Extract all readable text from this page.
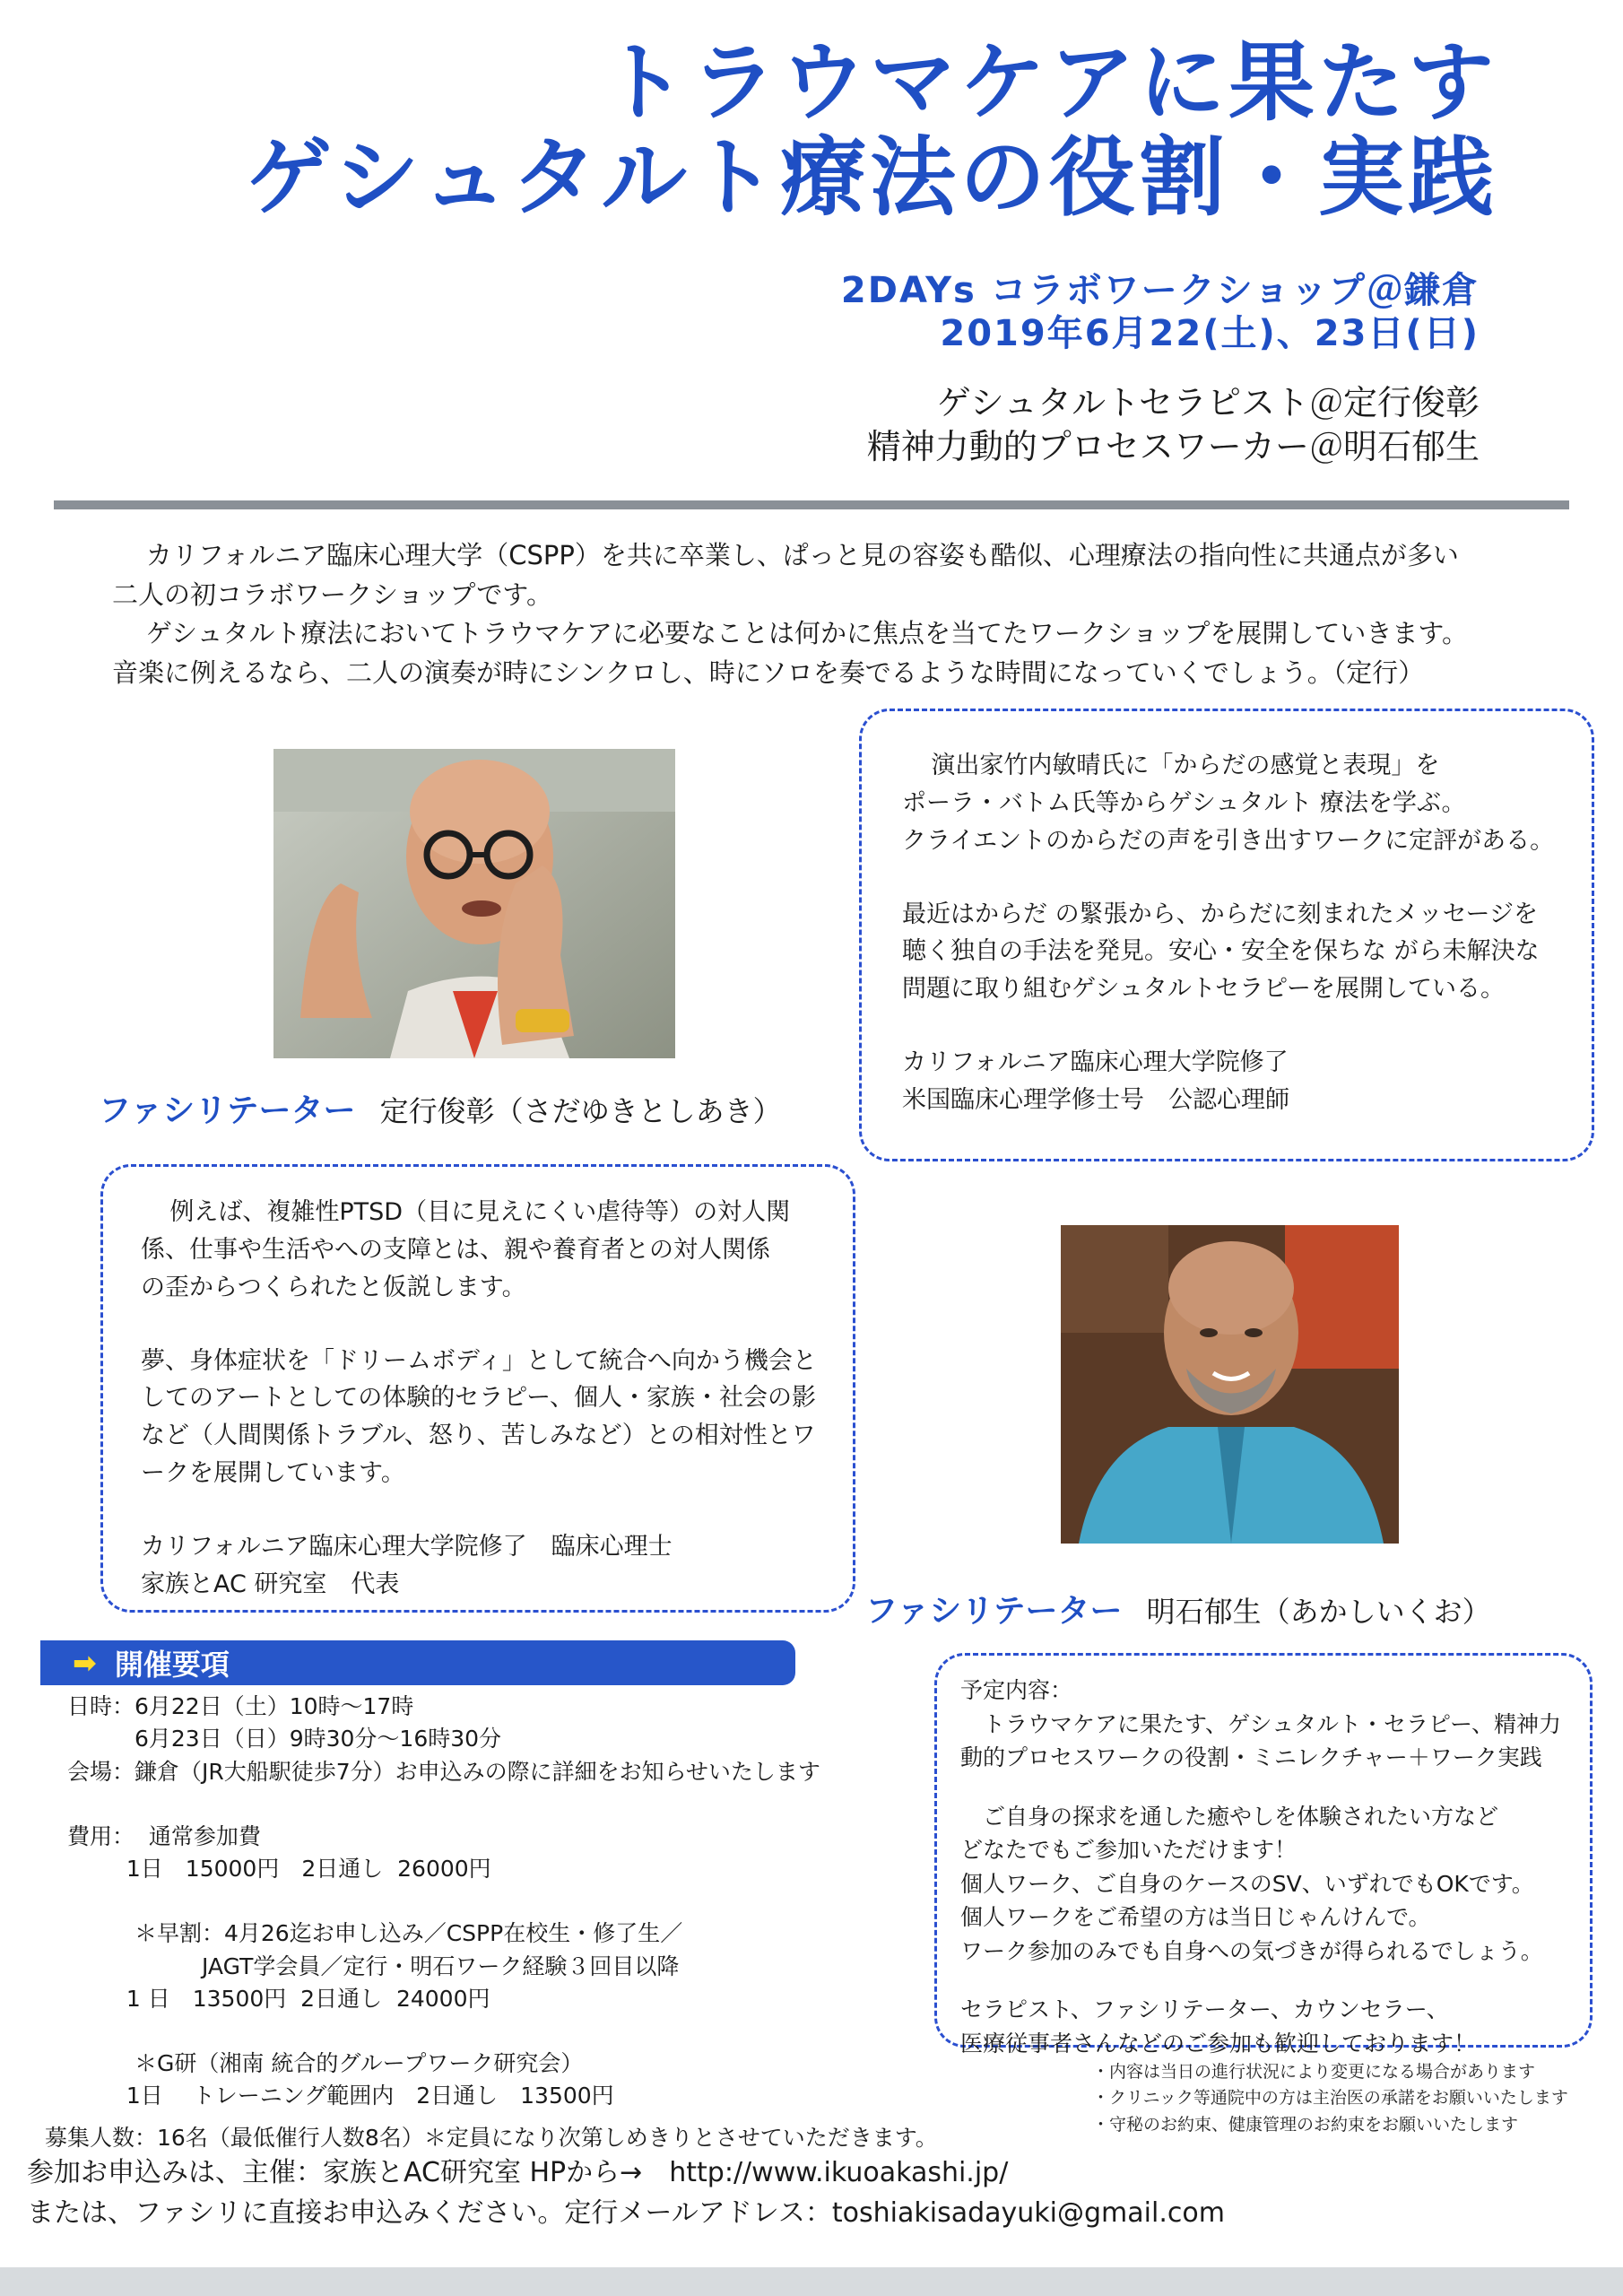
トラウマケアに果たす
ゲシュタルト療法の役割・実践
2DAYs コラボワークショップ＠鎌倉
2019年6月22(土)、23日(日)
ゲシュタルトセラピスト＠定行俊彰
精神力動的プロセスワーカー＠明石郁生

カリフォルニア臨床心理大学（CSPP）を共に卒業し、ぱっと見の容姿も酷似、心理療法の指向性に共通点が多い

二人の初コラボワークショップです。

ゲシュタルト療法においてトラウマケアに必要なことは何かに焦点を当てたワークショップを展開していきます。

音楽に例えるなら、二人の演奏が時にシンクロし、時にソロを奏でるような時間になっていくでしょう。（定行）

ファシリテーター 定行俊彰（さだゆきとしあき）

演出家竹内敏晴氏に「からだの感覚と表現」を

ポーラ・バトム氏等からゲシュタルト 療法を学ぶ。

クライエントのからだの声を引き出すワークに定評がある。

最近はからだ の緊張から、からだに刻まれたメッセージを

聴く独自の手法を発見。安心・安全を保ちな がら未解決な

問題に取り組むゲシュタルトセラピーを展開している。

カリフォルニア臨床心理大学院修了

米国臨床心理学修士号　公認心理師

例えば、複雑性PTSD（目に見えにくい虐待等）の対人関

係、仕事や生活やへの支障とは、親や養育者との対人関係

の歪からつくられたと仮説します。

夢、身体症状を「ドリームボディ」として統合へ向かう機会と

してのアートとしての体験的セラピー、個人・家族・社会の影

など（人間関係トラブル、怒り、苦しみなど）との相対性とワ

ークを展開しています。

カリフォルニア臨床心理大学院修了　臨床心理士

家族とAC 研究室　代表

ファシリテーター 明石郁生（あかしいくお）
➡ 開催要項
日時：6月22日（土）10時〜17時
　　　6月23日（日）9時30分〜16時30分
会場：鎌倉（JR大船駅徒歩7分）お申込みの際に詳細をお知らせいたします
費用：  通常参加費
　　  1日　15000円　2日通し  26000円
　　　＊早割：4月26迄お申し込み／CSPP在校生・修了生／
　　　　　　JAGT学会員／定行・明石ワーク経験３回目以降
　　  1 日　13500円  2日通し  24000円
　　　＊G研（湘南 統合的グループワーク研究会）
　　  1日　 トレーニング範囲内　2日通し　13500円
募集人数：16名（最低催行人数8名）＊定員になり次第しめきりとさせていただきます。

予定内容：

　トラウマケアに果たす、ゲシュタルト・セラピー、精神力

動的プロセスワークの役割・ミニレクチャー＋ワーク実践

　ご自身の探求を通した癒やしを体験されたい方など

どなたでもご参加いただけます！

個人ワーク、ご自身のケースのSV、いずれでもOKです。

個人ワークをご希望の方は当日じゃんけんで。

ワーク参加のみでも自身への気づきが得られるでしょう。

セラピスト、ファシリテーター、カウンセラー、

医療従事者さんなどのご参加も歓迎しております！

・内容は当日の進行状況により変更になる場合があります
・クリニック等通院中の方は主治医の承諾をお願いいたします
・守秘のお約束、健康管理のお約束をお願いいたします
参加お申込みは、主催：家族とAC研究室 HPから→　http://www.ikuoakashi.jp/
または、ファシリに直接お申込みください。定行メールアドレス：toshiakisadayuki@gmail.com
